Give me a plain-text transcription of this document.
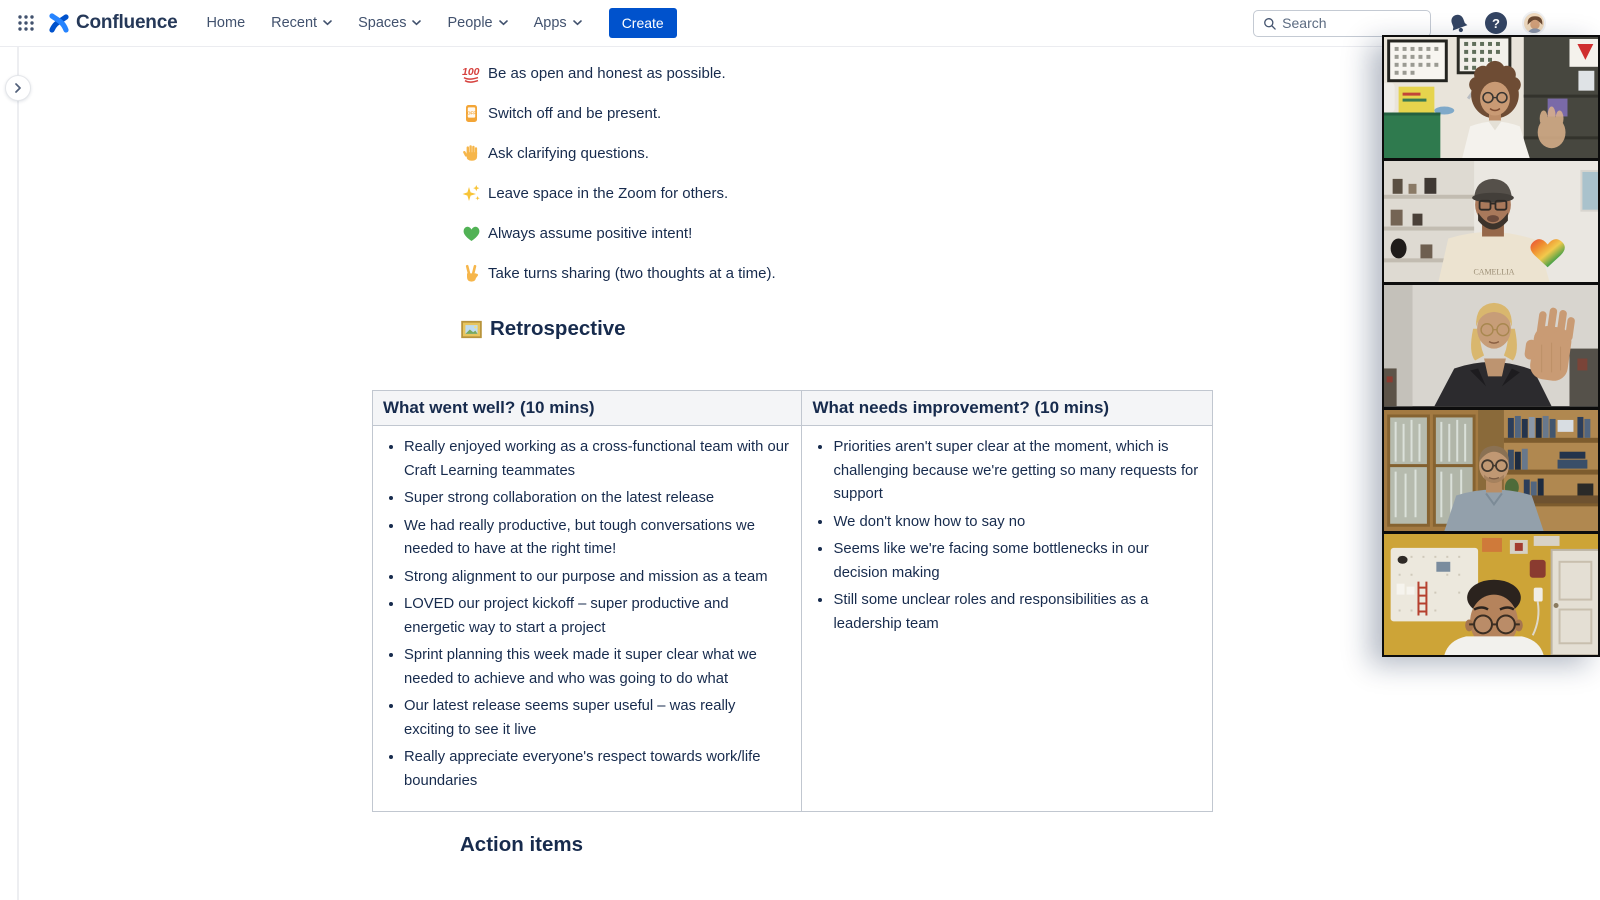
Confluence Home Recent	Spaces	People	Apps	Create
Search	?
100 Be as open and honest as possible.
OFF Switch off and be present.
Ask clarifying questions.
Leave space in the Zoom for others.
Always assume positive intent!
Take turns sharing (two thoughts at a time).
Retrospective
What went well? (10 mins)	What needs improvement? (10 mins)

• Really enjoyed working as a cross-functional team with our Craft Learning teammates
• Super strong collaboration on the latest release
• We had really productive, but tough conversations we needed to have at the right time!
• Strong alignment to our purpose and mission as a team
• LOVED our project kickoff – super productive and energetic way to start a project
• Sprint planning this week made it super clear what we needed to achieve and who was going to do what
• Our latest release seems super useful – was really exciting to see it live
• Really appreciate everyone's respect towards work/life boundaries

• Priorities aren't super clear at the moment, which is challenging because we're getting so many requests for support
• We don't know how to say no
• Seems like we're facing some bottlenecks in our decision making
• Still some unclear roles and responsibilities as a leadership team
Action items
CAMELLIA
